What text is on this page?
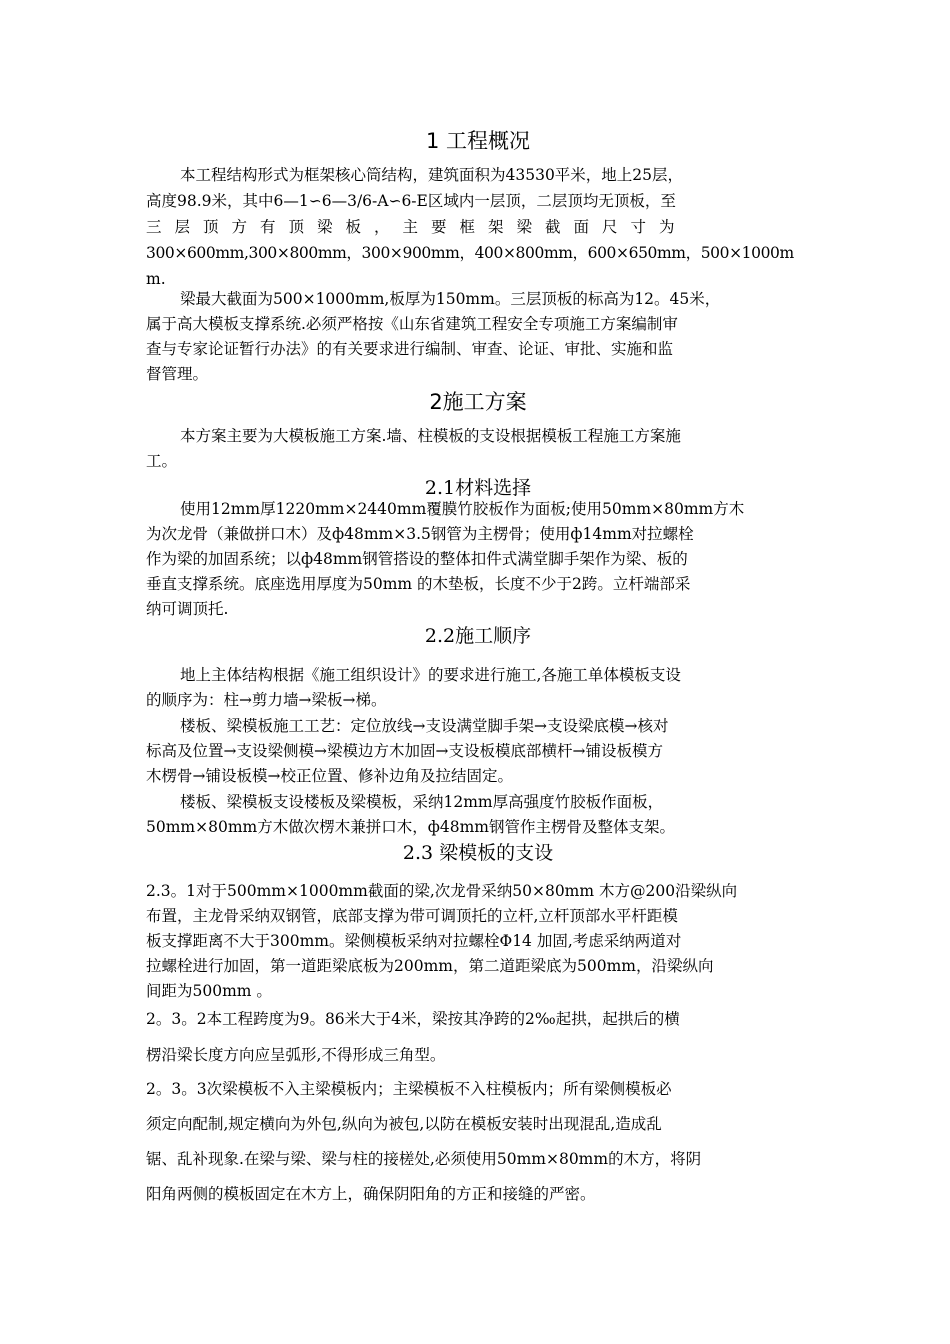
1 工程概况
本工程结构形式为框架核心筒结构，建筑面积为43530平米，地上25层，
高度98.9米，其中6—1∽6—3/6-A∽6-E区域内一层顶，二层顶均无顶板，至
三层顶方有顶梁板，主要框架梁截面尺寸为
300×600mm,300×800mm，300×900mm，400×800mm，600×650mm，500×1000m
m.
梁最大截面为500×1000mm,板厚为150mm。三层顶板的标高为12。45米，
属于高大模板支撑系统.必须严格按《山东省建筑工程安全专项施工方案编制审
查与专家论证暂行办法》的有关要求进行编制、审查、论证、审批、实施和监
督管理。
2施工方案
本方案主要为大模板施工方案.墙、柱模板的支设根据模板工程施工方案施
工。
2.1材料选择
使用12mm厚1220mm×2440mm覆膜竹胶板作为面板;使用50mm×80mm方木
为次龙骨（兼做拼口木）及ф48mm×3.5钢管为主楞骨；使用ф14mm对拉螺栓
作为梁的加固系统；以ф48mm钢管搭设的整体扣件式满堂脚手架作为梁、板的
垂直支撑系统。底座选用厚度为50mm 的木垫板，长度不少于2跨。立杆端部采
纳可调顶托.
2.2施工顺序
地上主体结构根据《施工组织设计》的要求进行施工,各施工单体模板支设
的顺序为：柱→剪力墙→梁板→梯。
楼板、梁模板施工工艺：定位放线→支设满堂脚手架→支设梁底模→核对
标高及位置→支设梁侧模→梁模边方木加固→支设板模底部横杆→铺设板模方
木楞骨→铺设板模→校正位置、修补边角及拉结固定。
楼板、梁模板支设楼板及梁模板，采纳12mm厚高强度竹胶板作面板，
50mm×80mm方木做次楞木兼拼口木，ф48mm钢管作主楞骨及整体支架。
2.3 梁模板的支设
2.3。1对于500mm×1000mm截面的梁,次龙骨采纳50×80mm 木方@200沿梁纵向
布置，主龙骨采纳双钢管，底部支撑为带可调顶托的立杆,立杆顶部水平杆距模
板支撑距离不大于300mm。梁侧模板采纳对拉螺栓Φ14 加固,考虑采纳两道对
拉螺栓进行加固，第一道距梁底板为200mm，第二道距梁底为500mm，沿梁纵向
间距为500mm 。
2。3。2本工程跨度为9。86米大于4米，梁按其净跨的2‰起拱，起拱后的横
楞沿梁长度方向应呈弧形,不得形成三角型。
2。3。3次梁模板不入主梁模板内；主梁模板不入柱模板内；所有梁侧模板必
须定向配制,规定横向为外包,纵向为被包,以防在模板安装时出现混乱,造成乱
锯、乱补现象.在梁与梁、梁与柱的接槎处,必须使用50mm×80mm的木方，将阴
阳角两侧的模板固定在木方上，确保阴阳角的方正和接缝的严密。
